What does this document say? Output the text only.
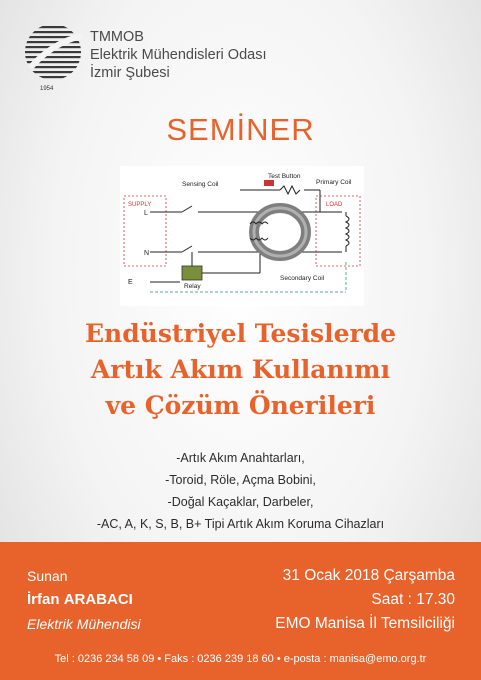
1954
TMMOB
Elektrik Mühendisleri Odası
İzmir Şubesi
SEMİNER
Test Button
Sensing Coil	Primary Coil
SUPPLY	LOAD
L
N
E
Relay
Secondary Coil
Endüstriyel Tesislerde
Artık Akım Kullanımı
ve Çözüm Önerileri
-Artık Akım Anahtarları,
-Toroid, Röle, Açma Bobini,
-Doğal Kaçaklar, Darbeler,
-AC, A, K, S, B, B+ Tipi Artık Akım Koruma Cihazları
Sunan
İrfan ARABACI
Elektrik Mühendisi
31 Ocak 2018 Çarşamba
Saat : 17.30
EMO Manisa İl Temsilciliği
Tel : 0236 234 58 09 • Faks : 0236 239 18 60 • e-posta : manisa@emo.org.tr
